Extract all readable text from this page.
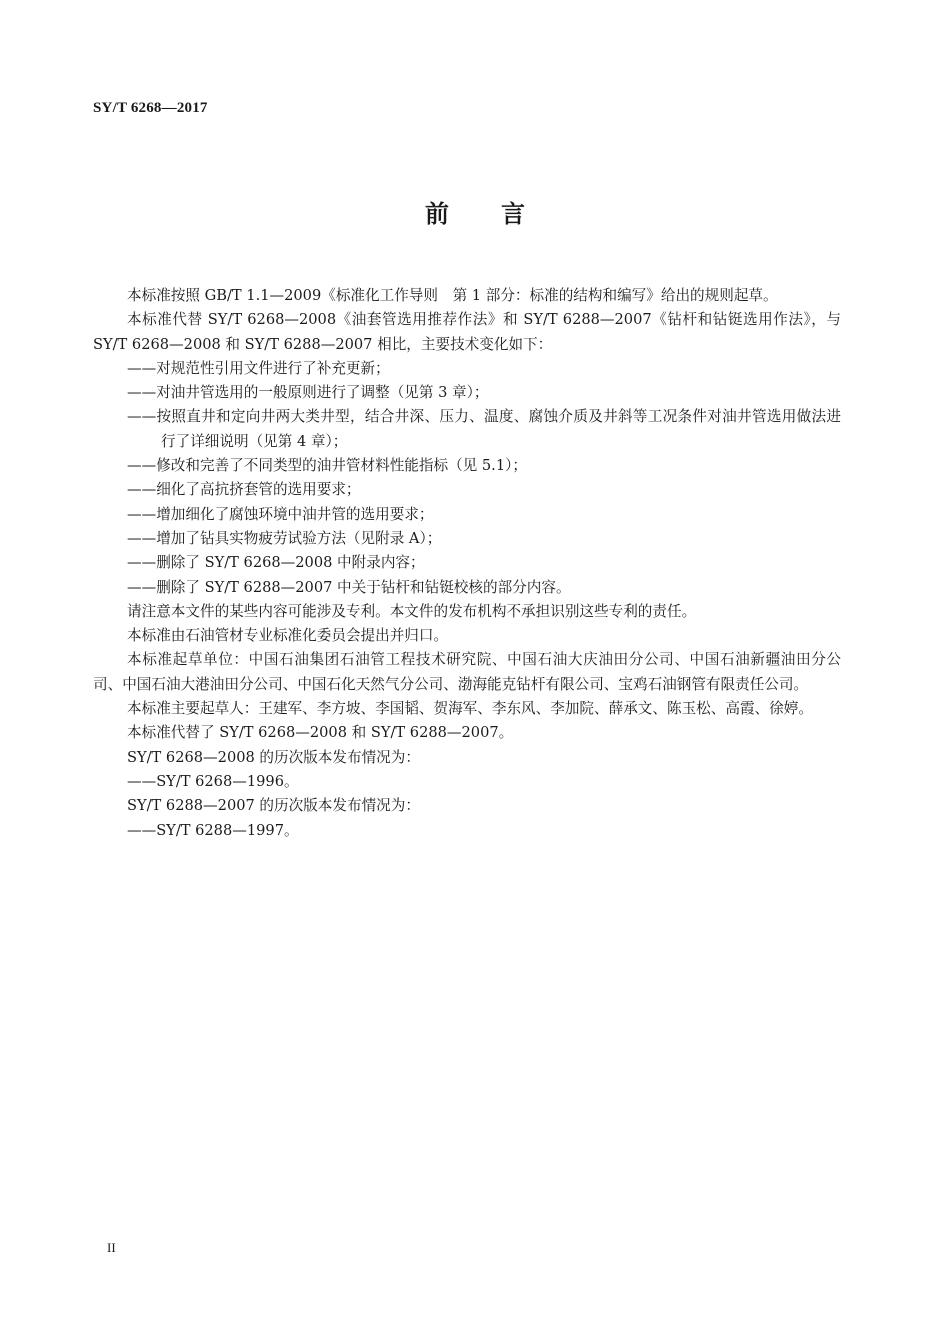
SY/T 6268—2017
前 言

本标准按照 GB/T 1.1—2009《标准化工作导则　第 1 部分：标准的结构和编写》给出的规则起草。

本标准代替 SY/T 6268—2008《油套管选用推荐作法》和 SY/T 6288—2007《钻杆和钻铤选用作法》，与 SY/T 6268—2008 和 SY/T 6288—2007 相比，主要技术变化如下：

——对规范性引用文件进行了补充更新；

——对油井管选用的一般原则进行了调整（见第 3 章）；

——按照直井和定向井两大类井型，结合井深、压力、温度、腐蚀介质及井斜等工况条件对油井管选用做法进行了详细说明（见第 4 章）；

——修改和完善了不同类型的油井管材料性能指标（见 5.1）；

——细化了高抗挤套管的选用要求；

——增加细化了腐蚀环境中油井管的选用要求；

——增加了钻具实物疲劳试验方法（见附录 A）；

——删除了 SY/T 6268—2008 中附录内容；

——删除了 SY/T 6288—2007 中关于钻杆和钻铤校核的部分内容。

请注意本文件的某些内容可能涉及专利。本文件的发布机构不承担识别这些专利的责任。

本标准由石油管材专业标准化委员会提出并归口。

本标准起草单位：中国石油集团石油管工程技术研究院、中国石油大庆油田分公司、中国石油新疆油田分公司、中国石油大港油田分公司、中国石化天然气分公司、渤海能克钻杆有限公司、宝鸡石油钢管有限责任公司。

本标准主要起草人：王建军、李方坡、李国韬、贺海军、李东风、李加院、薛承文、陈玉松、高霞、徐婷。

本标准代替了 SY/T 6268—2008 和 SY/T 6288—2007。

SY/T 6268—2008 的历次版本发布情况为：

——SY/T 6268—1996。

SY/T 6288—2007 的历次版本发布情况为：

——SY/T 6288—1997。

II
